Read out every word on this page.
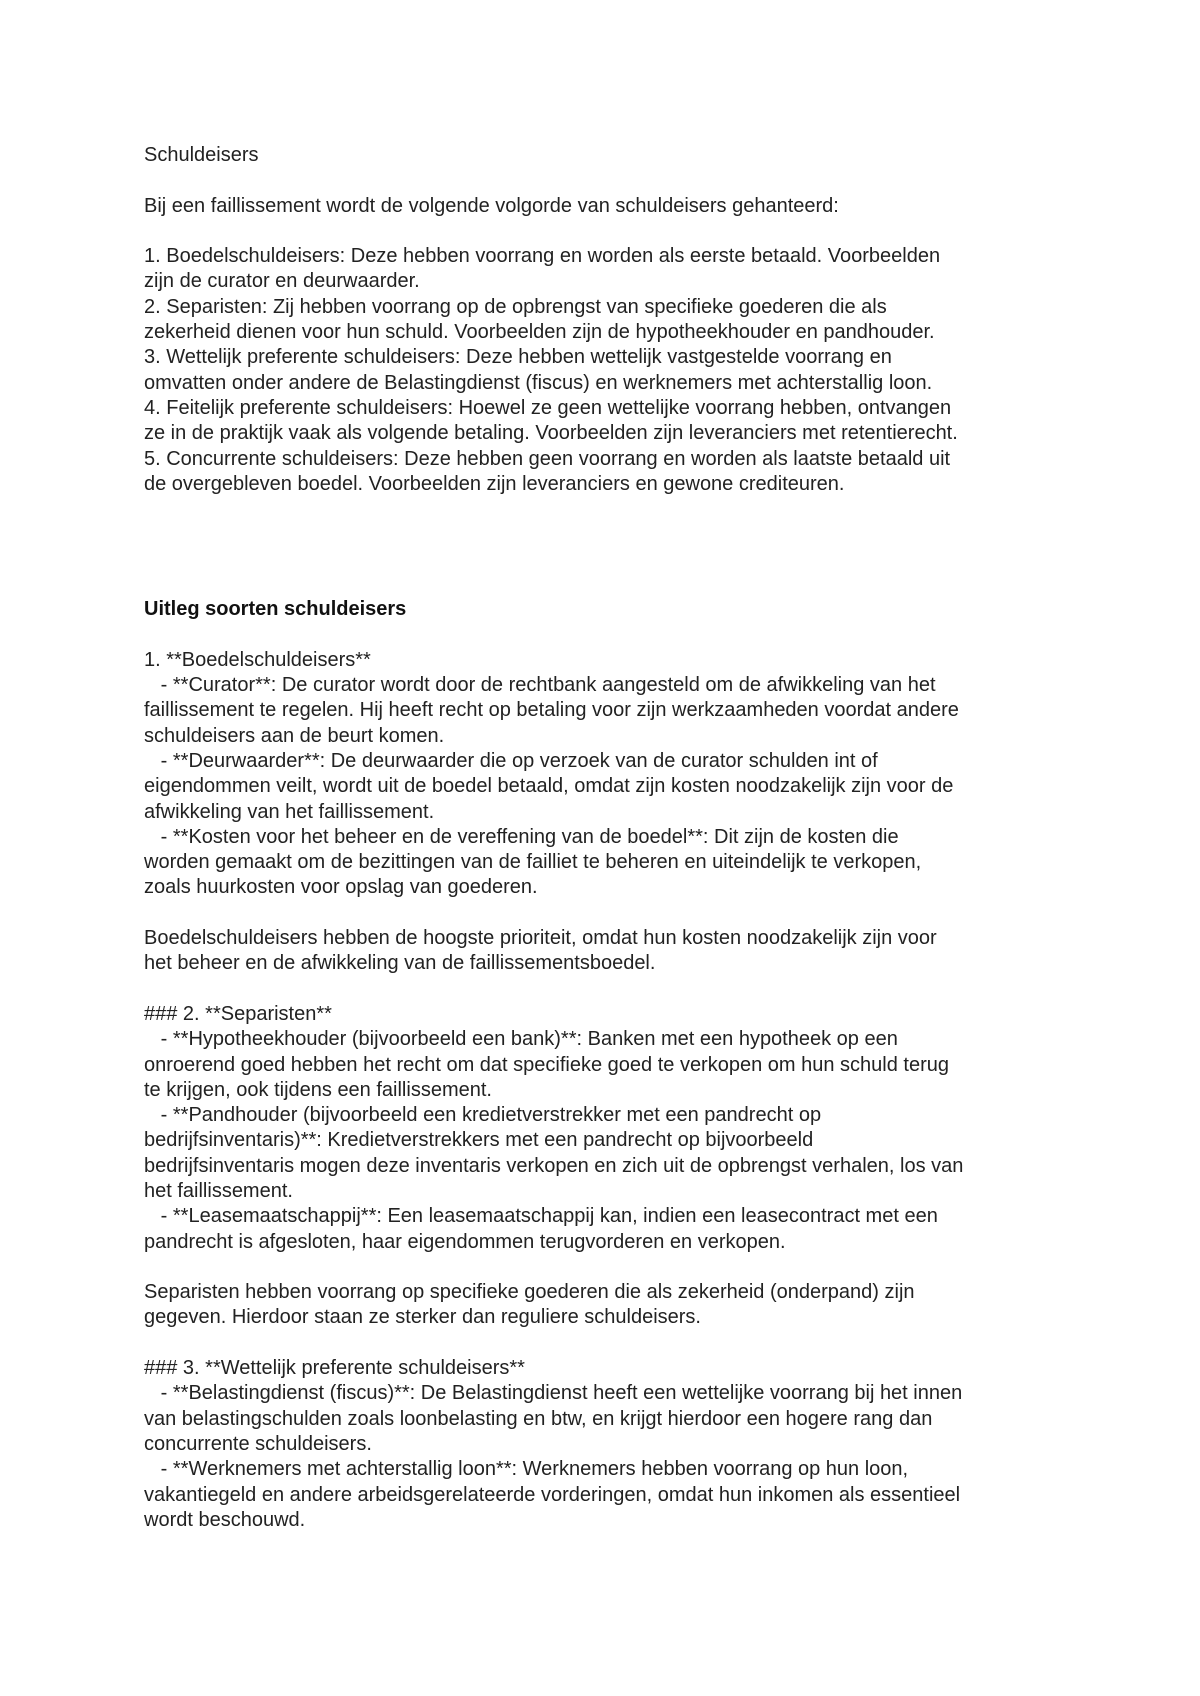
Schuldeisers
Bij een faillissement wordt de volgende volgorde van schuldeisers gehanteerd:
1. Boedelschuldeisers: Deze hebben voorrang en worden als eerste betaald. Voorbeelden
zijn de curator en deurwaarder.
2. Separisten: Zij hebben voorrang op de opbrengst van specifieke goederen die als
zekerheid dienen voor hun schuld. Voorbeelden zijn de hypotheekhouder en pandhouder.
3. Wettelijk preferente schuldeisers: Deze hebben wettelijk vastgestelde voorrang en
omvatten onder andere de Belastingdienst (fiscus) en werknemers met achterstallig loon.
4. Feitelijk preferente schuldeisers: Hoewel ze geen wettelijke voorrang hebben, ontvangen
ze in de praktijk vaak als volgende betaling. Voorbeelden zijn leveranciers met retentierecht.
5. Concurrente schuldeisers: Deze hebben geen voorrang en worden als laatste betaald uit
de overgebleven boedel. Voorbeelden zijn leveranciers en gewone crediteuren.
Uitleg soorten schuldeisers
1. **Boedelschuldeisers**
- **Curator**: De curator wordt door de rechtbank aangesteld om de afwikkeling van het
faillissement te regelen. Hij heeft recht op betaling voor zijn werkzaamheden voordat andere
schuldeisers aan de beurt komen.
- **Deurwaarder**: De deurwaarder die op verzoek van de curator schulden int of
eigendommen veilt, wordt uit de boedel betaald, omdat zijn kosten noodzakelijk zijn voor de
afwikkeling van het faillissement.
- **Kosten voor het beheer en de vereffening van de boedel**: Dit zijn de kosten die
worden gemaakt om de bezittingen van de failliet te beheren en uiteindelijk te verkopen,
zoals huurkosten voor opslag van goederen.
Boedelschuldeisers hebben de hoogste prioriteit, omdat hun kosten noodzakelijk zijn voor
het beheer en de afwikkeling van de faillissementsboedel.
### 2. **Separisten**
- **Hypotheekhouder (bijvoorbeeld een bank)**: Banken met een hypotheek op een
onroerend goed hebben het recht om dat specifieke goed te verkopen om hun schuld terug
te krijgen, ook tijdens een faillissement.
- **Pandhouder (bijvoorbeeld een kredietverstrekker met een pandrecht op
bedrijfsinventaris)**: Kredietverstrekkers met een pandrecht op bijvoorbeeld
bedrijfsinventaris mogen deze inventaris verkopen en zich uit de opbrengst verhalen, los van
het faillissement.
- **Leasemaatschappij**: Een leasemaatschappij kan, indien een leasecontract met een
pandrecht is afgesloten, haar eigendommen terugvorderen en verkopen.
Separisten hebben voorrang op specifieke goederen die als zekerheid (onderpand) zijn
gegeven. Hierdoor staan ze sterker dan reguliere schuldeisers.
### 3. **Wettelijk preferente schuldeisers**
- **Belastingdienst (fiscus)**: De Belastingdienst heeft een wettelijke voorrang bij het innen
van belastingschulden zoals loonbelasting en btw, en krijgt hierdoor een hogere rang dan
concurrente schuldeisers.
- **Werknemers met achterstallig loon**: Werknemers hebben voorrang op hun loon,
vakantiegeld en andere arbeidsgerelateerde vorderingen, omdat hun inkomen als essentieel
wordt beschouwd.
